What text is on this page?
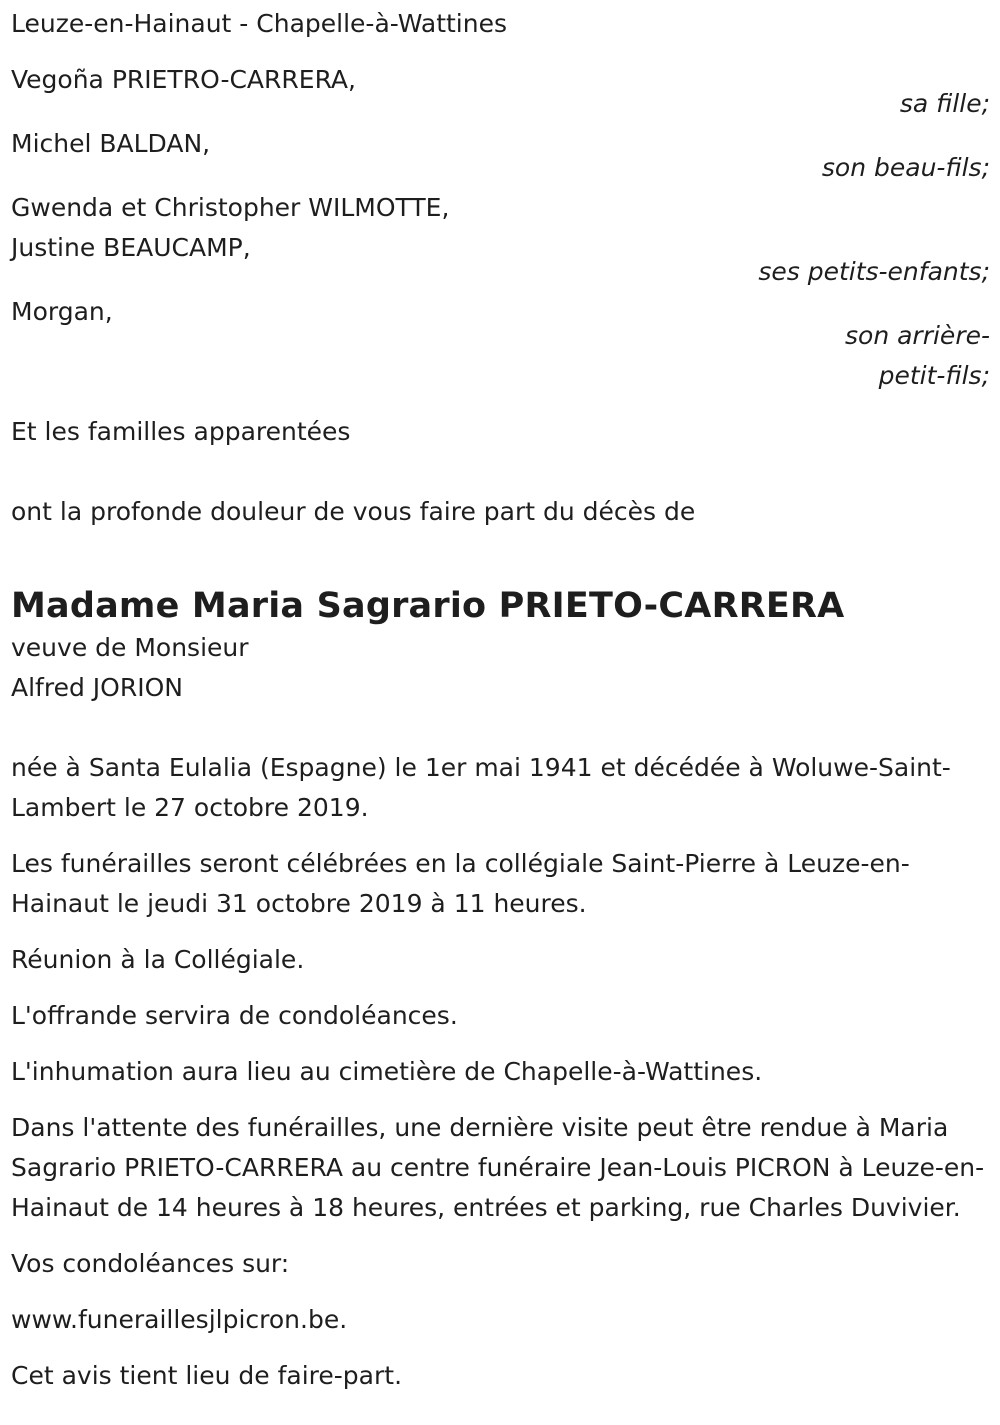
Leuze-en-Hainaut - Chapelle-à-Wattines

Vegoña PRIETRO-CARRERA,

sa fille;

Michel BALDAN,

son beau-fils;

Gwenda et Christopher WILMOTTE,

Justine BEAUCAMP,

ses petits-enfants;

Morgan,

son arrière-

petit-fils;

Et les familles apparentées

ont la profonde douleur de vous faire part du décès de

Madame Maria Sagrario PRIETO-CARRERA

veuve de Monsieur

Alfred JORION

née à Santa Eulalia (Espagne) le 1er mai 1941 et décédée à Woluwe-Saint-Lambert le 27 octobre 2019.

Les funérailles seront célébrées en la collégiale Saint-Pierre à Leuze-en-Hainaut le jeudi 31 octobre 2019 à 11 heures.

Réunion à la Collégiale.

L'offrande servira de condoléances.

L'inhumation aura lieu au cimetière de Chapelle-à-Wattines.

Dans l'attente des funérailles, une dernière visite peut être rendue à Maria Sagrario PRIETO-CARRERA au centre funéraire Jean-Louis PICRON à Leuze-en-Hainaut de 14 heures à 18 heures, entrées et parking, rue Charles Duvivier.

Vos condoléances sur:

www.funeraillesjlpicron.be.

Cet avis tient lieu de faire-part.
